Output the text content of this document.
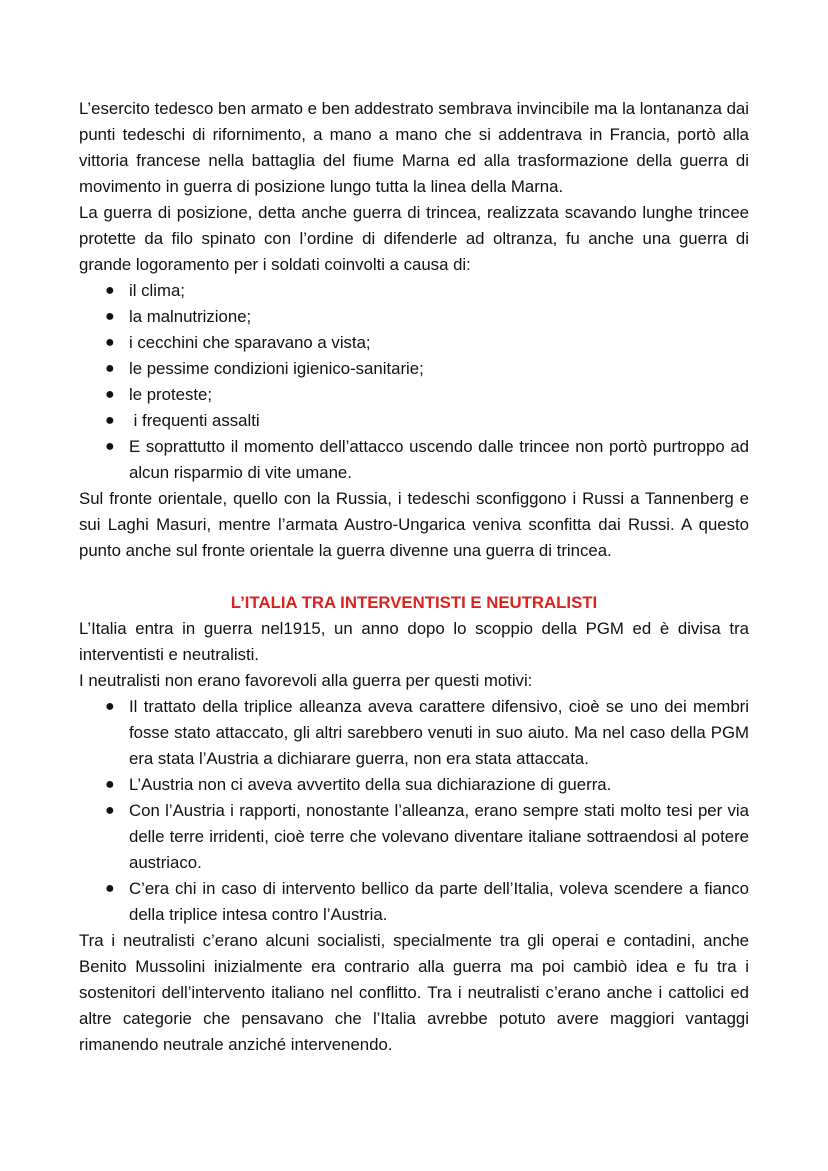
L’esercito tedesco ben armato e ben addestrato sembrava invincibile ma la lontananza dai punti tedeschi di rifornimento, a mano a mano che si addentrava in Francia, portò alla vittoria francese nella battaglia del fiume Marna ed alla trasformazione della guerra di movimento in guerra di posizione lungo tutta la linea della Marna.

La guerra di posizione, detta anche guerra di trincea, realizzata scavando lunghe trincee protette da filo spinato con l’ordine di difenderle ad oltranza, fu anche una guerra di grande logoramento per i soldati coinvolti a causa di:

● il clima;
● la malnutrizione;
● i cecchini che sparavano a vista;
● le pessime condizioni igienico-sanitarie;
● le proteste;
● i frequenti assalti
● E soprattutto il momento dell’attacco uscendo dalle trincee non portò purtroppo ad alcun risparmio di vite umane.

Sul fronte orientale, quello con la Russia, i tedeschi sconfiggono i Russi a Tannenberg e sui Laghi Masuri, mentre l’armata Austro-Ungarica veniva sconfitta dai Russi. A questo punto anche sul fronte orientale la guerra divenne una guerra di trincea.

L’ITALIA TRA INTERVENTISTI E NEUTRALISTI

L’Italia entra in guerra nel1915, un anno dopo lo scoppio della PGM ed è divisa tra interventisti e neutralisti.

I neutralisti non erano favorevoli alla guerra per questi motivi:

● Il trattato della triplice alleanza aveva carattere difensivo, cioè se uno dei membri fosse stato attaccato, gli altri sarebbero venuti in suo aiuto. Ma nel caso della PGM era stata l’Austria a dichiarare guerra, non era stata attaccata.
● L’Austria non ci aveva avvertito della sua dichiarazione di guerra.
● Con l’Austria i rapporti, nonostante l’alleanza, erano sempre stati molto tesi per via delle terre irridenti, cioè terre che volevano diventare italiane sottraendosi al potere austriaco.
● C’era chi in caso di intervento bellico da parte dell’Italia, voleva scendere a fianco della triplice intesa contro l’Austria.

Tra i neutralisti c’erano alcuni socialisti, specialmente tra gli operai e contadini, anche Benito Mussolini inizialmente era contrario alla guerra ma poi cambiò idea e fu tra i sostenitori dell’intervento italiano nel conflitto. Tra i neutralisti c’erano anche i cattolici ed altre categorie che pensavano che l’Italia avrebbe potuto avere maggiori vantaggi rimanendo neutrale anziché intervenendo.
